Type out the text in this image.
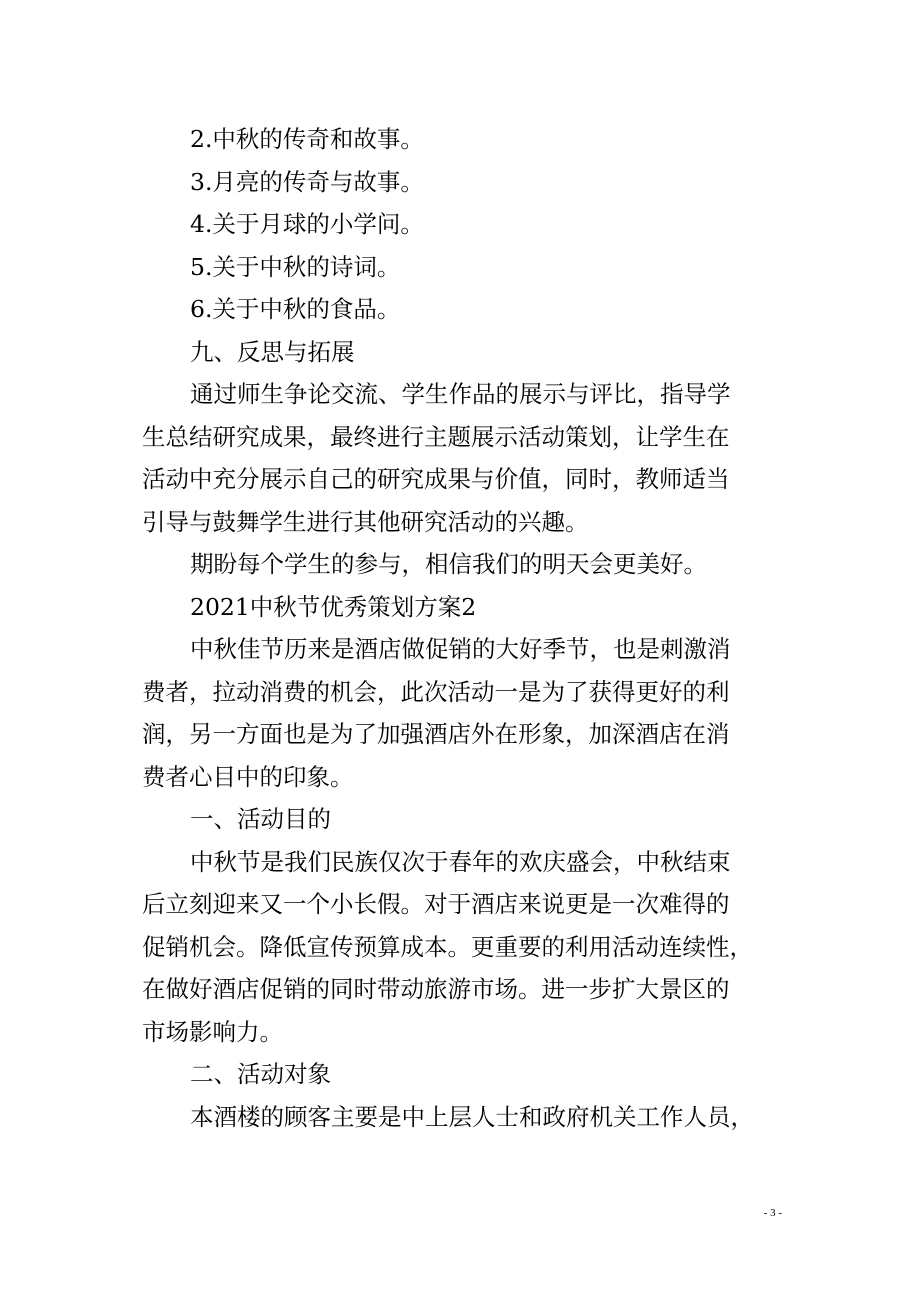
2.中秋的传奇和故事。
3.月亮的传奇与故事。
4.关于月球的小学问。
5.关于中秋的诗词。
6.关于中秋的食品。
九、反思与拓展
通过师生争论交流、学生作品的展示与评比，指导学
生总结研究成果，最终进行主题展示活动策划，让学生在
活动中充分展示自己的研究成果与价值，同时，教师适当
引导与鼓舞学生进行其他研究活动的兴趣。
期盼每个学生的参与，相信我们的明天会更美好。
2021中秋节优秀策划方案2
中秋佳节历来是酒店做促销的大好季节，也是刺激消
费者，拉动消费的机会，此次活动一是为了获得更好的利
润，另一方面也是为了加强酒店外在形象，加深酒店在消
费者心目中的印象。
一、活动目的
中秋节是我们民族仅次于春年的欢庆盛会，中秋结束
后立刻迎来又一个小长假。对于酒店来说更是一次难得的
促销机会。降低宣传预算成本。更重要的利用活动连续性，
在做好酒店促销的同时带动旅游市场。进一步扩大景区的
市场影响力。
二、活动对象
本酒楼的顾客主要是中上层人士和政府机关工作人员，
- 3 -
